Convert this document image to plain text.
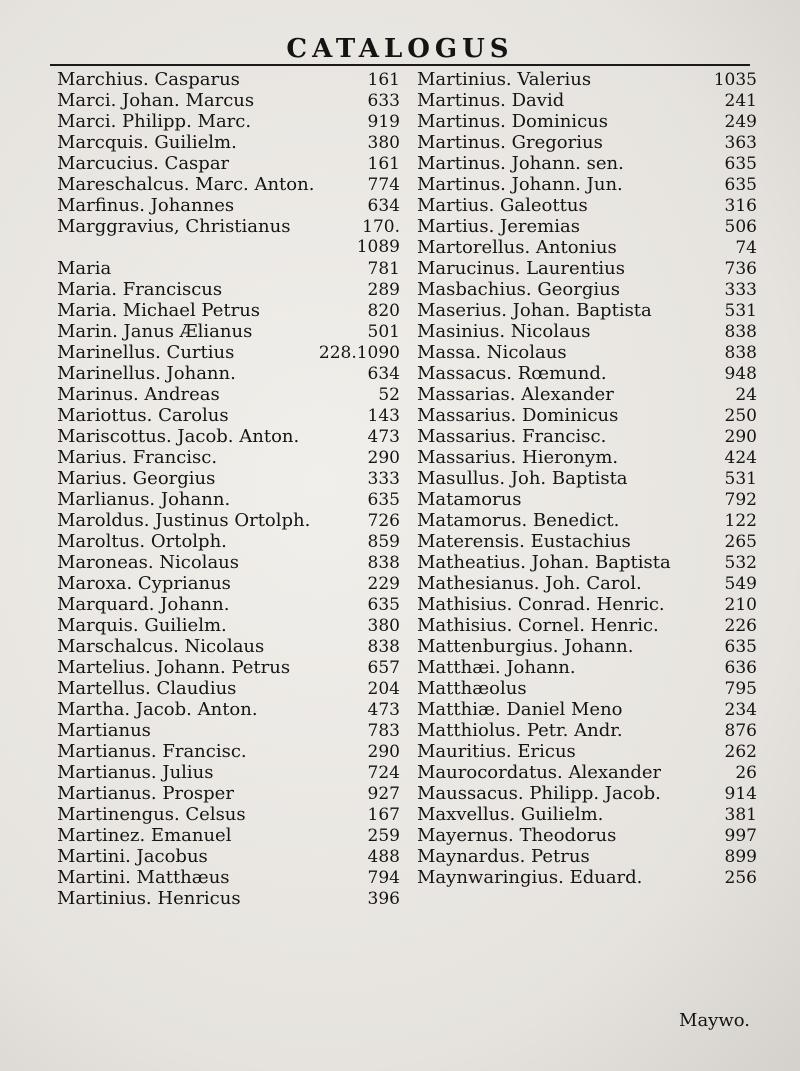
CATALOGUS
Marchius. Casparus	161
Marci. Johan. Marcus	633
Marci. Philipp. Marc.	919
Marcquis. Guilielm.	380
Marcucius. Caspar	161
Mareschalcus. Marc. Anton.	774
Marfinus. Johannes	634
Marggravius, Christianus	170.
1089
Maria	781
Maria. Franciscus	289
Maria. Michael Petrus	820
Marin. Janus Ælianus	501
Marinellus. Curtius	228.1090
Marinellus. Johann.	634
Marinus. Andreas	52
Mariottus. Carolus	143
Mariscottus. Jacob. Anton.	473
Marius. Francisc.	290
Marius. Georgius	333
Marlianus. Johann.	635
Maroldus. Justinus Ortolph.	726
Maroltus. Ortolph.	859
Maroneas. Nicolaus	838
Maroxa. Cyprianus	229
Marquard. Johann.	635
Marquis. Guilielm.	380
Marschalcus. Nicolaus	838
Martelius. Johann. Petrus	657
Martellus. Claudius	204
Martha. Jacob. Anton.	473
Martianus	783
Martianus. Francisc.	290
Martianus. Julius	724
Martianus. Prosper	927
Martinengus. Celsus	167
Martinez. Emanuel	259
Martini. Jacobus	488
Martini. Matthæus	794
Martinius. Henricus	396
Martinius. Valerius	1035
Martinus. David	241
Martinus. Dominicus	249
Martinus. Gregorius	363
Martinus. Johann. sen.	635
Martinus. Johann. Jun.	635
Martius. Galeottus	316
Martius. Jeremias	506
Martorellus. Antonius	74
Marucinus. Laurentius	736
Masbachius. Georgius	333
Maserius. Johan. Baptista	531
Masinius. Nicolaus	838
Massa. Nicolaus	838
Massacus. Rœmund.	948
Massarias. Alexander	24
Massarius. Dominicus	250
Massarius. Francisc.	290
Massarius. Hieronym.	424
Masullus. Joh. Baptista	531
Matamorus	792
Matamorus. Benedict.	122
Materensis. Eustachius	265
Matheatius. Johan. Baptista	532
Mathesianus. Joh. Carol.	549
Mathisius. Conrad. Henric.	210
Mathisius. Cornel. Henric.	226
Mattenburgius. Johann.	635
Matthæi. Johann.	636
Matthæolus	795
Matthiæ. Daniel Meno	234
Matthiolus. Petr. Andr.	876
Mauritius. Ericus	262
Maurocordatus. Alexander	26
Maussacus. Philipp. Jacob.	914
Maxvellus. Guilielm.	381
Mayernus. Theodorus	997
Maynardus. Petrus	899
Maynwaringius. Eduard.	256
Maywo.
